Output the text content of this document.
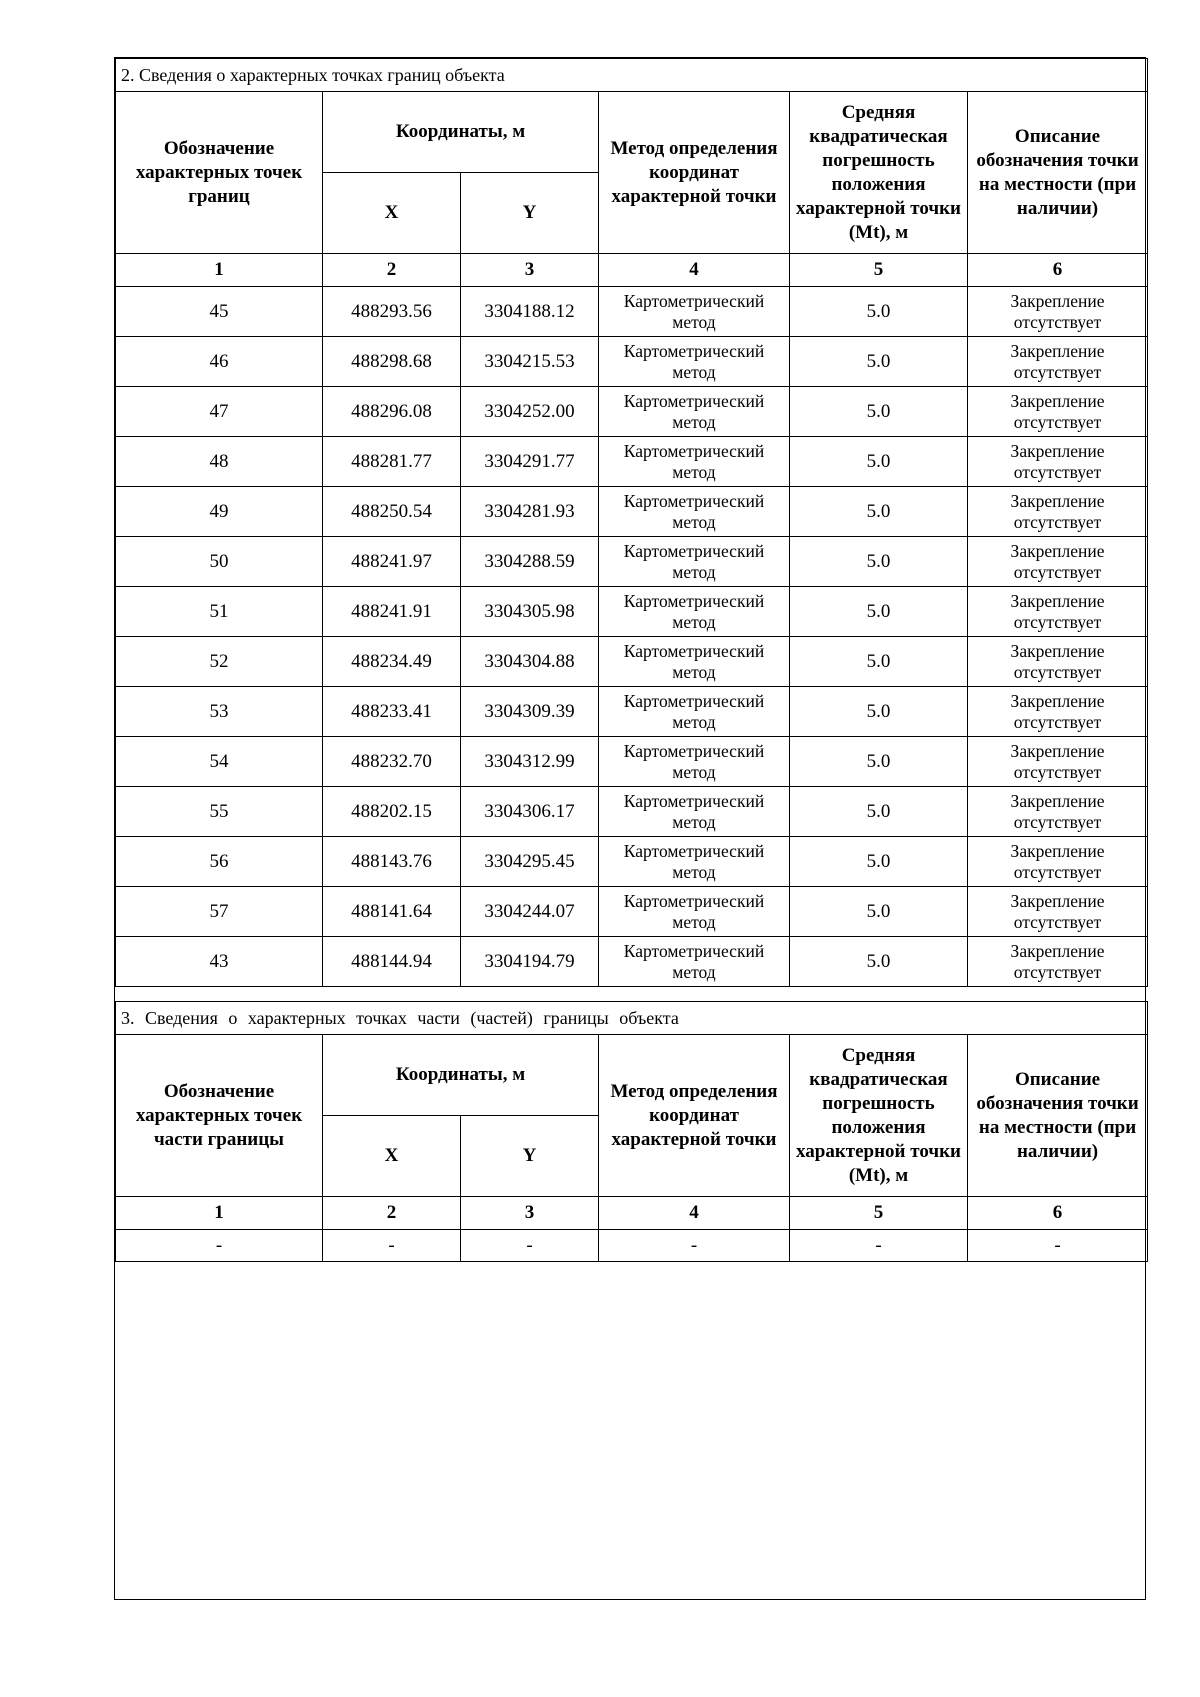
2. Сведения о характерных точках границ объекта					
Обозначение характерных точек границ	Координаты, м		Метод определения координат характерной точки	Средняя квадратическая погрешность положения характерной точки (Mt), м	Описание обозначения точки на местности (при наличии)
	X	Y			
1	2	3	4	5	6
45	488293.56	3304188.12	Картометрический метод	5.0	Закрепление отсутствует
46	488298.68	3304215.53	Картометрический метод	5.0	Закрепление отсутствует
47	488296.08	3304252.00	Картометрический метод	5.0	Закрепление отсутствует
48	488281.77	3304291.77	Картометрический метод	5.0	Закрепление отсутствует
49	488250.54	3304281.93	Картометрический метод	5.0	Закрепление отсутствует
50	488241.97	3304288.59	Картометрический метод	5.0	Закрепление отсутствует
51	488241.91	3304305.98	Картометрический метод	5.0	Закрепление отсутствует
52	488234.49	3304304.88	Картометрический метод	5.0	Закрепление отсутствует
53	488233.41	3304309.39	Картометрический метод	5.0	Закрепление отсутствует
54	488232.70	3304312.99	Картометрический метод	5.0	Закрепление отсутствует
55	488202.15	3304306.17	Картометрический метод	5.0	Закрепление отсутствует
56	488143.76	3304295.45	Картометрический метод	5.0	Закрепление отсутствует
57	488141.64	3304244.07	Картометрический метод	5.0	Закрепление отсутствует
43	488144.94	3304194.79	Картометрический метод	5.0	Закрепление отсутствует
3. Сведения о характерных точках части (частей) границы объекта					
Обозначение характерных точек части границы	Координаты, м		Метод определения координат характерной точки	Средняя квадратическая погрешность положения характерной точки (Mt), м	Описание обозначения точки на местности (при наличии)
	X	Y			
1	2	3	4	5	6
-	-	-	-	-	-
